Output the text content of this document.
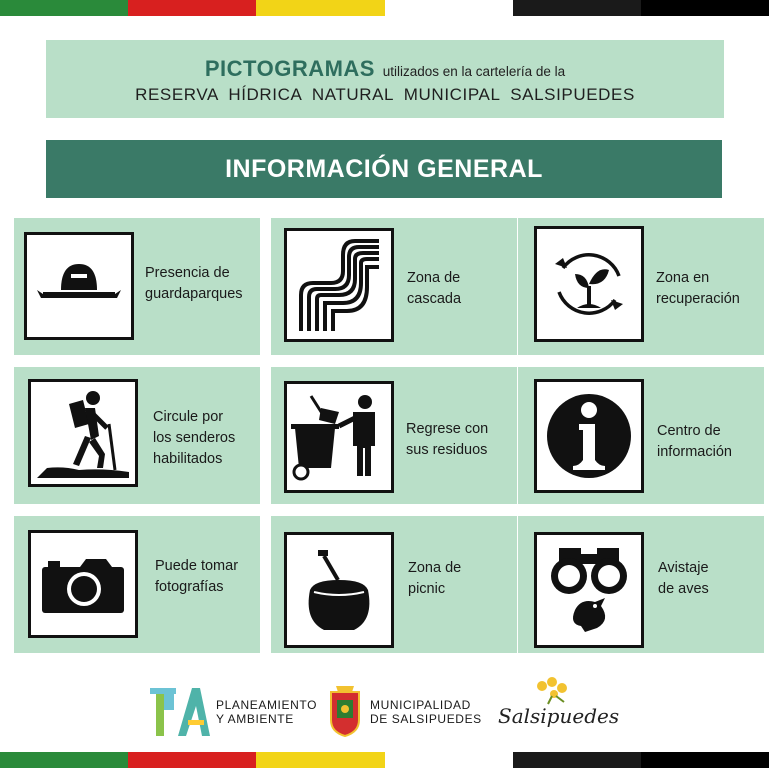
PICTOGRAMAS utilizados en la cartelería de la
RESERVA HÍDRICA NATURAL MUNICIPAL SALSIPUEDES
INFORMACIÓN GENERAL
Presencia de
guardaparques
Zona de
cascada
Zona en
recuperación
Circule por
los senderos
habilitados
Regrese con
sus residuos
Centro de
información
Puede tomar
fotografías
Zona de
picnic
Avistaje
de aves
PLANEAMIENTO
Y AMBIENTE
MUNICIPALIDAD
DE SALSIPUEDES Salsipuedes
